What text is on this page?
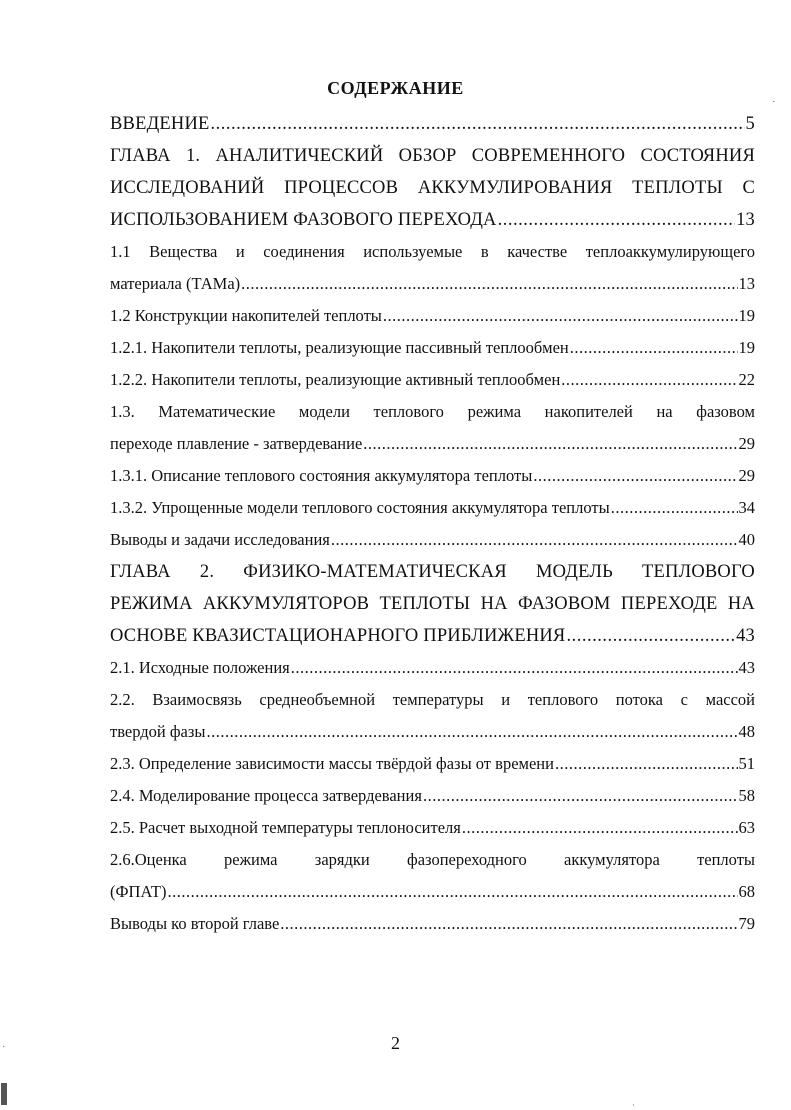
СОДЕРЖАНИЕ
ВВЕДЕНИЕ .....	5
ГЛАВА 1. АНАЛИТИЧЕСКИЙ ОБЗОР СОВРЕМЕННОГО СОСТОЯНИЯ
ИССЛЕДОВАНИЙ ПРОЦЕССОВ АККУМУЛИРОВАНИЯ ТЕПЛОТЫ С
ИСПОЛЬЗОВАНИЕМ ФАЗОВОГО ПЕРЕХОДА .....	13
1.1 Вещества и соединения используемые в качестве теплоаккумулирующего
материала (ТАМа) .....	13
1.2 Конструкции накопителей теплоты .....	19
1.2.1. Накопители теплоты, реализующие пассивный теплообмен .....	19
1.2.2. Накопители теплоты, реализующие активный теплообмен .....	22
1.3. Математические модели теплового режима накопителей на фазовом
переходе плавление - затвердевание .....	29
1.3.1. Описание теплового состояния аккумулятора теплоты .....	29
1.3.2. Упрощенные модели теплового состояния аккумулятора теплоты .....	34
Выводы и задачи исследования .....	40
ГЛАВА 2. ФИЗИКО-МАТЕМАТИЧЕСКАЯ МОДЕЛЬ ТЕПЛОВОГО
РЕЖИМА АККУМУЛЯТОРОВ ТЕПЛОТЫ НА ФАЗОВОМ ПЕРЕХОДЕ НА
ОСНОВЕ КВАЗИСТАЦИОНАРНОГО ПРИБЛИЖЕНИЯ .....	43
2.1. Исходные положения .....	43
2.2. Взаимосвязь среднеобъемной температуры и теплового потока с массой
твердой фазы .....	48
2.3. Определение зависимости массы твёрдой фазы от времени .....	51
2.4. Моделирование процесса затвердевания .....	58
2.5. Расчет выходной температуры теплоносителя .....	63
2.6.Оценка режима зарядки фазопереходного аккумулятора теплоты
(ФПАТ) .....	68
Выводы ко второй главе .....	79
2
·
·
·
